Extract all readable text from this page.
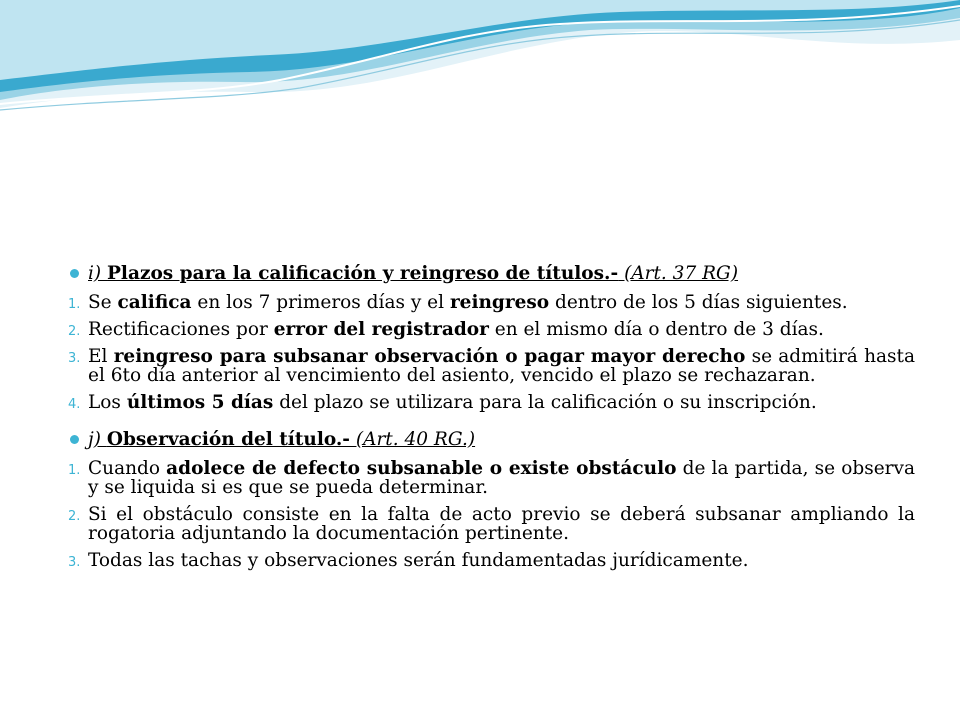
i) Plazos para la calificación y reingreso de títulos.- (Art. 37 RG)
1. Se califica en los 7 primeros días y el reingreso dentro de los 5 días siguientes.
2. Rectificaciones por error del registrador en el mismo día o dentro de 3 días.
3. El reingreso para subsanar observación o pagar mayor derecho se admitirá hasta el 6to día anterior al vencimiento del asiento, vencido el plazo se rechazaran.
4. Los últimos 5 días del plazo se utilizara para la calificación o su inscripción.
j) Observación del título.- (Art. 40 RG.)
1. Cuando adolece de defecto subsanable o existe obstáculo de la partida, se observa y se liquida si es que se pueda determinar.
2. Si el obstáculo consiste en la falta de acto previo se deberá subsanar ampliando la rogatoria adjuntando la documentación pertinente.
3. Todas las tachas y observaciones serán fundamentadas jurídicamente.
